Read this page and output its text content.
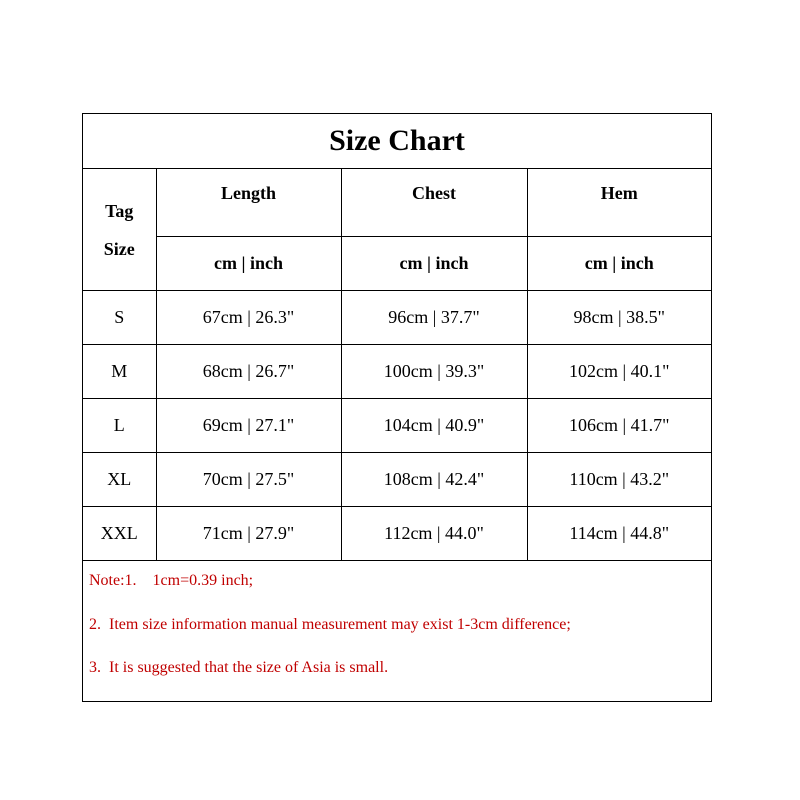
Size Chart
Tag
Size	Length	Chest	Hem
	cm | inch	cm | inch	cm | inch
S	67cm | 26.3"	96cm | 37.7"	98cm | 38.5"
M	68cm | 26.7"	100cm | 39.3"	102cm | 40.1"
L	69cm | 27.1"	104cm | 40.9"	106cm | 41.7"
XL	70cm | 27.5"	108cm | 42.4"	110cm | 43.2"
XXL	71cm | 27.9"	112cm | 44.0"	114cm | 44.8"
Note:1.    1cm=0.39 inch;
2.  Item size information manual measurement may exist 1-3cm difference;
3.  It is suggested that the size of Asia is small.
